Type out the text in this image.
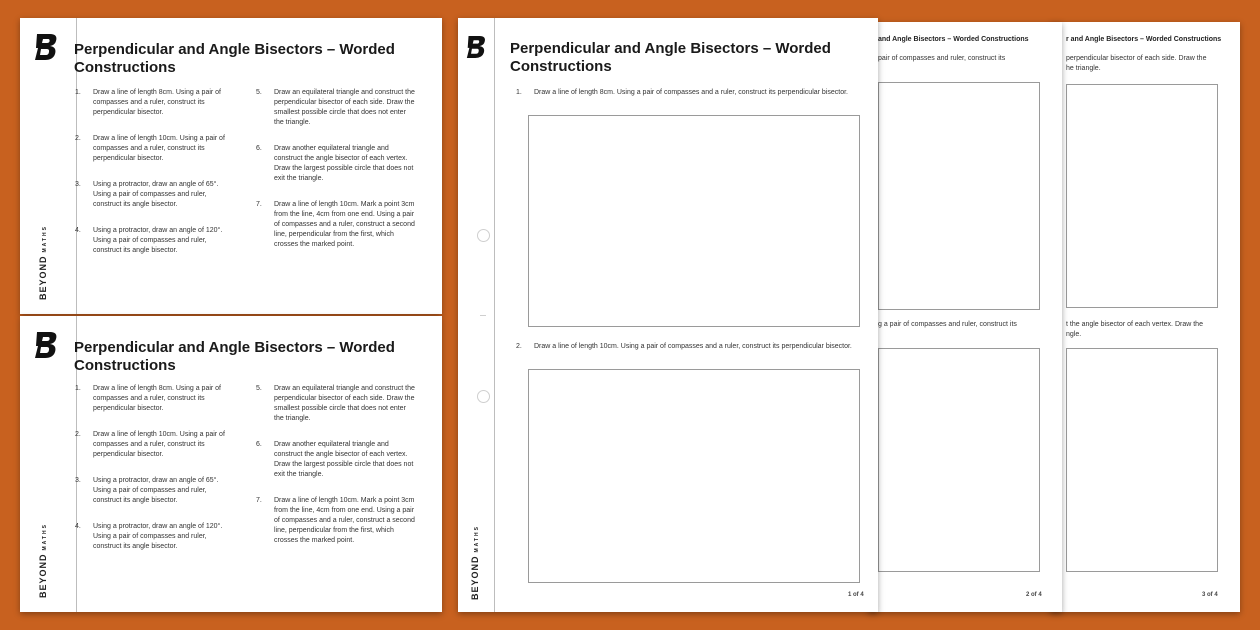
BEYONDMATHS
Perpendicular and Angle Bisectors – Worded
Constructions
1.	Draw a line of length 8cm. Using a pair of compasses and a ruler, construct its perpendicular bisector.
2.	Draw a line of length 10cm. Using a pair of compasses and a ruler, construct its perpendicular bisector.
3.	Using a protractor, draw an angle of 65°. Using a pair of compasses and ruler, construct its angle bisector.
4.	Using a protractor, draw an angle of 120°. Using a pair of compasses and ruler, construct its angle bisector.
5.	Draw an equilateral triangle and construct the perpendicular bisector of each side. Draw the smallest possible circle that does not enter the triangle.
6.	Draw another equilateral triangle and construct the angle bisector of each vertex. Draw the largest possible circle that does not exit the triangle.
7.	Draw a line of length 10cm. Mark a point 3cm from the line, 4cm from one end. Using a pair of compasses and a ruler, construct a second line, perpendicular from the first, which crosses the marked point.
BEYONDMATHS
Perpendicular and Angle Bisectors – Worded
Constructions
1.	Draw a line of length 8cm. Using a pair of compasses and a ruler, construct its perpendicular bisector.
2.	Draw a line of length 10cm. Using a pair of compasses and a ruler, construct its perpendicular bisector.
3.	Using a protractor, draw an angle of 65°. Using a pair of compasses and ruler, construct its angle bisector.
4.	Using a protractor, draw an angle of 120°. Using a pair of compasses and ruler, construct its angle bisector.
5.	Draw an equilateral triangle and construct the perpendicular bisector of each side. Draw the smallest possible circle that does not enter the triangle.
6.	Draw another equilateral triangle and construct the angle bisector of each vertex. Draw the largest possible circle that does not exit the triangle.
7.	Draw a line of length 10cm. Mark a point 3cm from the line, 4cm from one end. Using a pair of compasses and a ruler, construct a second line, perpendicular from the first, which crosses the marked point.
r and Angle Bisectors – Worded Constructions
perpendicular bisector of each side. Draw the
he triangle.
t the angle bisector of each vertex. Draw the
ngle.
3 of 4
and Angle Bisectors – Worded Constructions
pair of compasses and ruler, construct its
g a pair of compasses and ruler, construct its
2 of 4
BEYONDMATHS
Perpendicular and Angle Bisectors – Worded
Constructions
1.	Draw a line of length 8cm. Using a pair of compasses and a ruler, construct its perpendicular bisector.
2.	Draw a line of length 10cm. Using a pair of compasses and a ruler, construct its perpendicular bisector.
1 of 4
